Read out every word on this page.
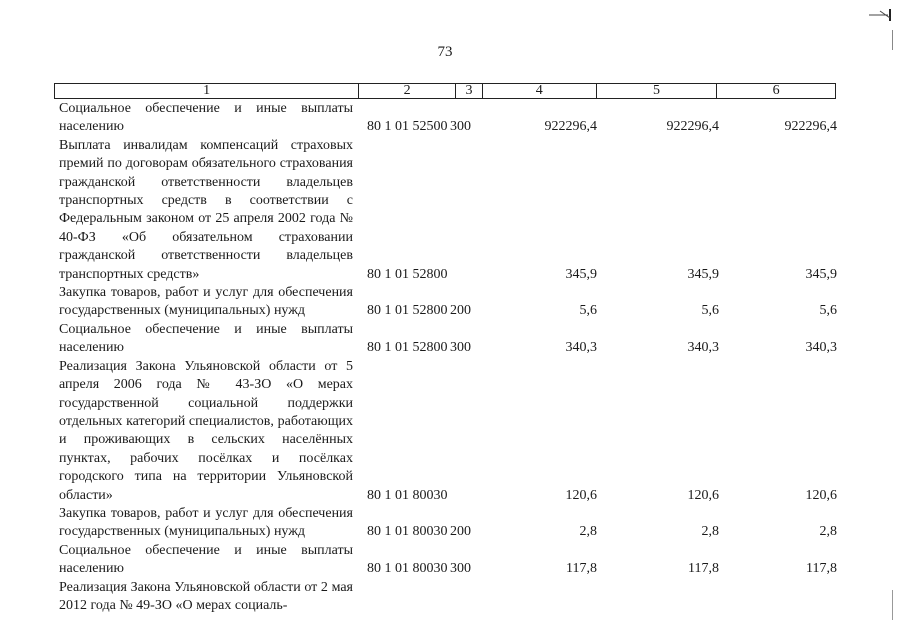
73
1	2	3	4	5	6
Социальное обеспечение и иные выплаты населению	80 1 01 52500 300	922296,4	922296,4	922296,4
Выплата инвалидам компенсаций страховых премий по договорам обязательного страхования гражданской ответственности владельцев транспортных средств в соответствии с Федеральным законом от 25 апреля 2002 года № 40-ФЗ «Об обязательном страховании гражданской ответственности владельцев транспортных средств»	80 1 01 52800	345,9	345,9	345,9
Закупка товаров, работ и услуг для обеспечения государственных (муниципальных) нужд	80 1 01 52800 200	5,6	5,6	5,6
Социальное обеспечение и иные выплаты населению	80 1 01 52800 300	340,3	340,3	340,3
Реализация Закона Ульяновской области от 5 апреля 2006 года № 43-ЗО «О мерах государственной социальной поддержки отдельных категорий специалистов, работающих и проживающих в сельских населённых пунктах, рабочих посёлках и посёлках городского типа на территории Ульяновской области»	80 1 01 80030	120,6	120,6	120,6
Закупка товаров, работ и услуг для обеспечения государственных (муниципальных) нужд	80 1 01 80030 200	2,8	2,8	2,8
Социальное обеспечение и иные выплаты населению	80 1 01 80030 300	117,8	117,8	117,8
Реализация Закона Ульяновской области от 2 мая 2012 года № 49-ЗО «О мерах социаль-
